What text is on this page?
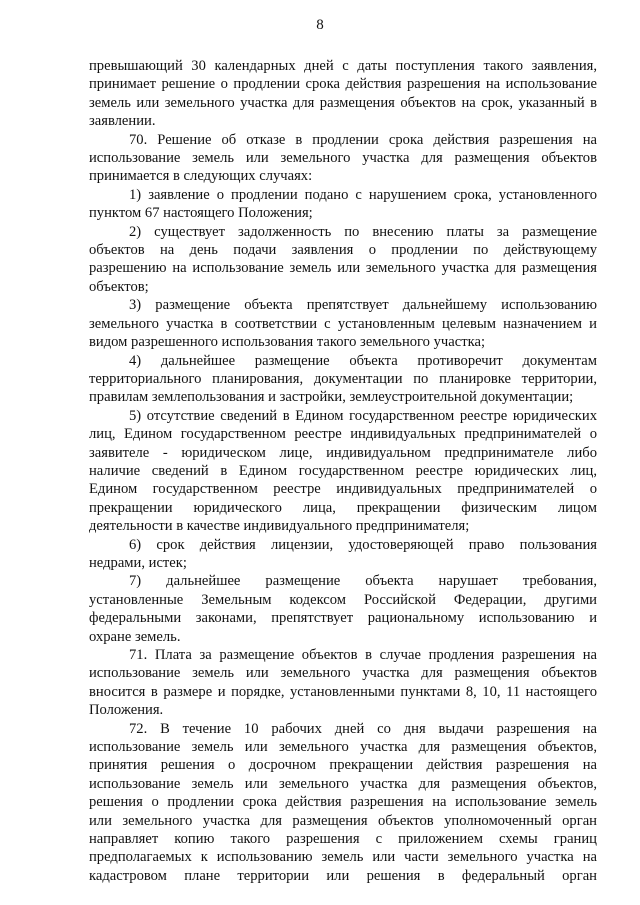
8
превышающий 30 календарных дней с даты поступления такого заявления,
принимает решение о продлении срока действия разрешения на использование
земель или земельного участка для размещения объектов на срок, указанный в
заявлении.
70. Решение об отказе в продлении срока действия разрешения на
использование земель или земельного участка для размещения объектов
принимается в следующих случаях:
1) заявление о продлении подано с нарушением срока, установленного
пунктом 67 настоящего Положения;
2) существует задолженность по внесению платы за размещение
объектов на день подачи заявления о продлении по действующему
разрешению на использование земель или земельного участка для размещения
объектов;
3) размещение объекта препятствует дальнейшему использованию
земельного участка в соответствии с установленным целевым назначением и
видом разрешенного использования такого земельного участка;
4) дальнейшее размещение объекта противоречит документам
территориального планирования, документации по планировке территории,
правилам землепользования и застройки, землеустроительной документации;
5) отсутствие сведений в Едином государственном реестре юридических
лиц, Едином государственном реестре индивидуальных предпринимателей о
заявителе - юридическом лице, индивидуальном предпринимателе либо
наличие сведений в Едином государственном реестре юридических лиц,
Едином государственном реестре индивидуальных предпринимателей о
прекращении юридического лица, прекращении физическим лицом
деятельности в качестве индивидуального предпринимателя;
6) срок действия лицензии, удостоверяющей право пользования
недрами, истек;
7) дальнейшее размещение объекта нарушает требования,
установленные Земельным кодексом Российской Федерации, другими
федеральными законами, препятствует рациональному использованию и
охране земель.
71. Плата за размещение объектов в случае продления разрешения на
использование земель или земельного участка для размещения объектов
вносится в размере и порядке, установленными пунктами 8, 10, 11 настоящего
Положения.
72. В течение 10 рабочих дней со дня выдачи разрешения на
использование земель или земельного участка для размещения объектов,
принятия решения о досрочном прекращении действия разрешения на
использование земель или земельного участка для размещения объектов,
решения о продлении срока действия разрешения на использование земель
или земельного участка для размещения объектов уполномоченный орган
направляет копию такого разрешения с приложением схемы границ
предполагаемых к использованию земель или части земельного участка на
кадастровом плане территории или решения в федеральный орган
